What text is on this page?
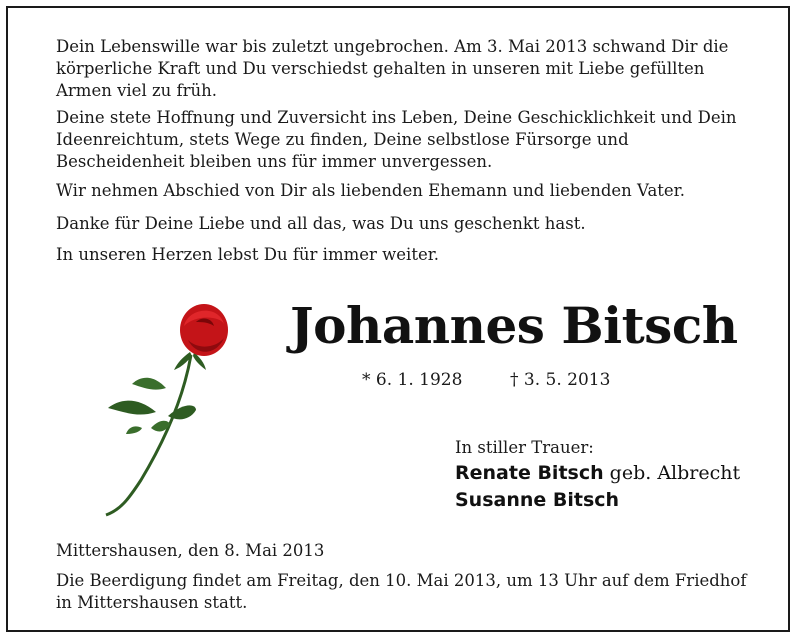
Dein Lebenswille war bis zuletzt ungebrochen. Am 3. Mai 2013 schwand Dir die körperliche Kraft und Du verschiedst gehalten in unseren mit Liebe gefüllten Armen viel zu früh.

Deine stete Hoffnung und Zuversicht ins Leben, Deine Geschicklichkeit und Dein Ideenreichtum, stets Wege zu finden, Deine selbstlose Fürsorge und Bescheidenheit bleiben uns für immer unvergessen.

Wir nehmen Abschied von Dir als liebenden Ehemann und liebenden Vater.

Danke für Deine Liebe und all das, was Du uns geschenkt hast.

In unseren Herzen lebst Du für immer weiter.

Johannes Bitsch
* 6. 1. 1928	† 3. 5. 2013
In stiller Trauer:
Renate Bitsch geb. Albrecht
Susanne Bitsch

Mittershausen, den 8. Mai 2013

Die Beerdigung findet am Freitag, den 10. Mai 2013, um 13 Uhr auf dem Friedhof in Mittershausen statt.
